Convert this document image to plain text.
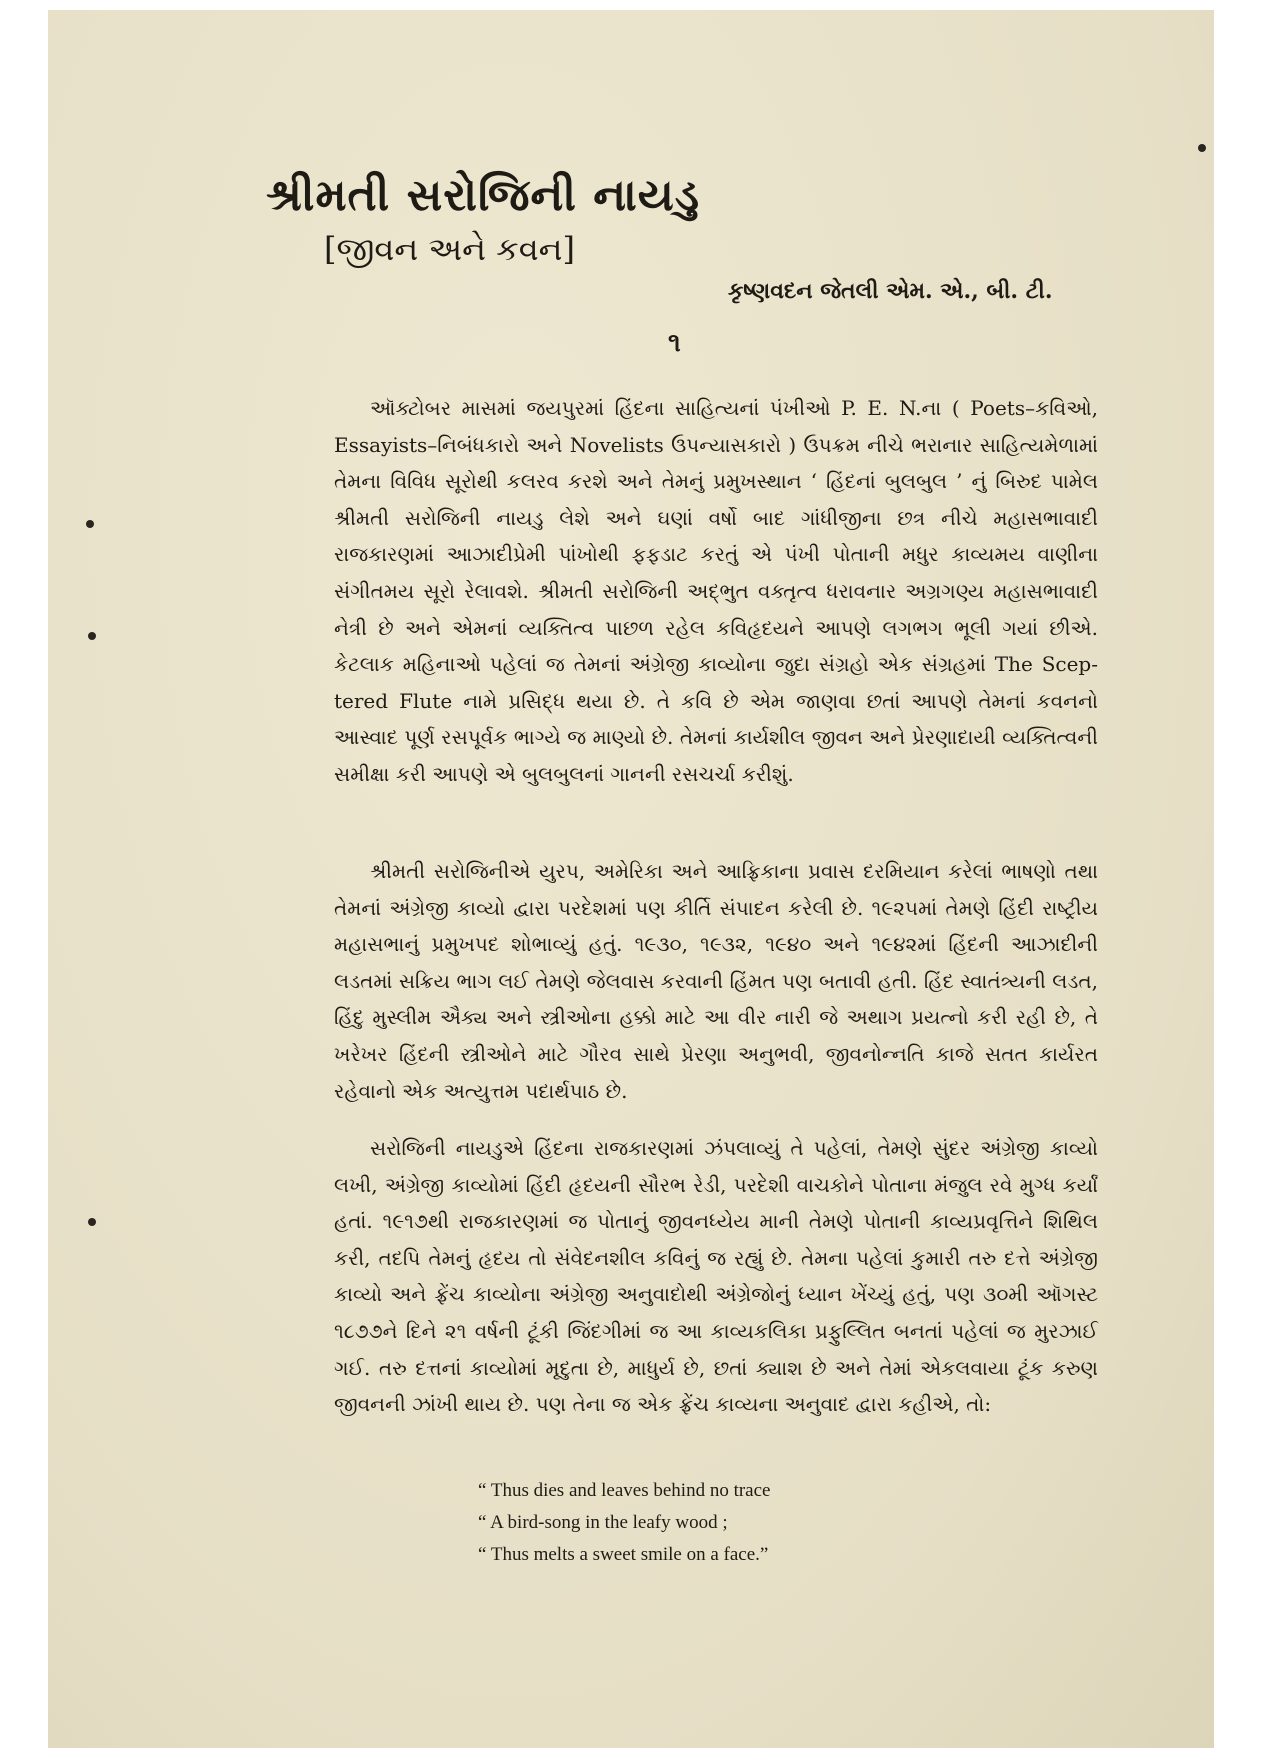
શ્રીમતી સરોજિની નાયડુ
[જીવન અને કવન]
કૃષ્ણવદન જેતલી એમ. એ., બી. ટી.
૧

ઑક્ટોબર માસમાં જયપુરમાં હિંદના સાહિત્યનાં પંખીઓ P. E. N.ના ( Poets–કવિઓ, Essayists–નિબંધકારો અને Novelists ઉપન્યાસકારો ) ઉપક્રમ નીચે ભરાનાર સાહિત્યમેળામાં તેમના વિવિધ સૂરોથી કલરવ કરશે અને તેમનું પ્રમુખસ્થાન ‘ હિંદનાં બુલબુલ ’ નું બિરુદ પામેલ શ્રીમતી સરોજિની નાયડુ લેશે અને ઘણાં વર્ષો બાદ ગાંધીજીના છત્ર નીચે મહાસભાવાદી રાજકારણમાં આઝાદીપ્રેમી પાંખોથી ફફડાટ કરતું એ પંખી પોતાની મધુર કાવ્યમય વાણીના સંગીતમય સૂરો રેલાવશે. શ્રીમતી સરોજિની અદ્ભુત વક્તૃત્વ ધરાવનાર અગ્રગણ્ય મહાસભાવાદી નેત્રી છે અને એમનાં વ્યક્તિત્વ પાછળ રહેલ કવિહૃદયને આપણે લગભગ ભૂલી ગયાં છીએ. કેટલાક મહિનાઓ પહેલાં જ તેમનાં અંગ્રેજી કાવ્યોના જુદા સંગ્રહો એક સંગ્રહમાં The Scep-tered Flute નામે પ્રસિદ્ધ થયા છે. તે કવિ છે એમ જાણવા છતાં આપણે તેમનાં કવનનો આસ્વાદ પૂર્ણ રસપૂર્વક ભાગ્યે જ માણ્યો છે. તેમનાં કાર્યશીલ જીવન અને પ્રેરણાદાયી વ્યક્તિત્વની સમીક્ષા કરી આપણે એ બુલબુલનાં ગાનની રસચર્ચા કરીશું.

શ્રીમતી સરોજિનીએ યુરપ, અમેરિકા અને આફ્રિકાના પ્રવાસ દરમિયાન કરેલાં ભાષણો તથા તેમનાં અંગ્રેજી કાવ્યો દ્વારા પરદેશમાં પણ કીર્તિ સંપાદન કરેલી છે. ૧૯૨૫માં તેમણે હિંદી રાષ્ટ્રીય મહાસભાનું પ્રમુખપદ શોભાવ્યું હતું. ૧૯૩૦, ૧૯૩૨, ૧૯૪૦ અને ૧૯૪૨માં હિંદની આઝાદીની લડતમાં સક્રિય ભાગ લઈ તેમણે જેલવાસ કરવાની હિંમત પણ બતાવી હતી. હિંદ સ્વાતંત્ર્યની લડત, હિંદુ મુસ્લીમ ઐક્ય અને સ્ત્રીઓના હક્કો માટે આ વીર નારી જે અથાગ પ્રયત્નો કરી રહી છે, તે ખરેખર હિંદની સ્ત્રીઓને માટે ગૌરવ સાથે પ્રેરણા અનુભવી, જીવનોન્નતિ કાજે સતત કાર્યરત રહેવાનો એક અત્યુત્તમ પદાર્થપાઠ છે.

સરોજિની નાયડુએ હિંદના રાજકારણમાં ઝંપલાવ્યું તે પહેલાં, તેમણે સુંદર અંગ્રેજી કાવ્યો લખી, અંગ્રેજી કાવ્યોમાં હિંદી હૃદયની સૌરભ રેડી, પરદેશી વાચકોને પોતાના મંજુલ રવે મુગ્ધ કર્યાં હતાં. ૧૯૧૭થી રાજકારણમાં જ પોતાનું જીવનધ્યેય માની તેમણે પોતાની કાવ્યપ્રવૃત્તિને શિથિલ કરી, તદપિ તેમનું હૃદય તો સંવેદનશીલ કવિનું જ રહ્યું છે. તેમના પહેલાં કુમારી તરુ દત્તે અંગ્રેજી કાવ્યો અને ફ્રેંચ કાવ્યોના અંગ્રેજી અનુવાદોથી અંગ્રેજોનું ધ્યાન ખેંચ્યું હતું, પણ ૩૦મી ઑગસ્ટ ૧૮૭૭ને દિને ૨૧ વર્ષની ટૂંકી જિંદગીમાં જ આ કાવ્યકલિકા પ્રફુલ્લિત બનતાં પહેલાં જ મુરઝાઈ ગઈ. તરુ દત્તનાં કાવ્યોમાં મૃદુતા છે, માધુર્ય છે, છતાં ક્યાશ છે અને તેમાં એકલવાયા ટૂંક કરુણ જીવનની ઝાંખી થાય છે. પણ તેના જ એક ફ્રેંચ કાવ્યના અનુવાદ દ્વારા કહીએ, તો:

“ Thus dies and leaves behind no trace
“ A bird-song in the leafy wood ;
“ Thus melts a sweet smile on a face.”
